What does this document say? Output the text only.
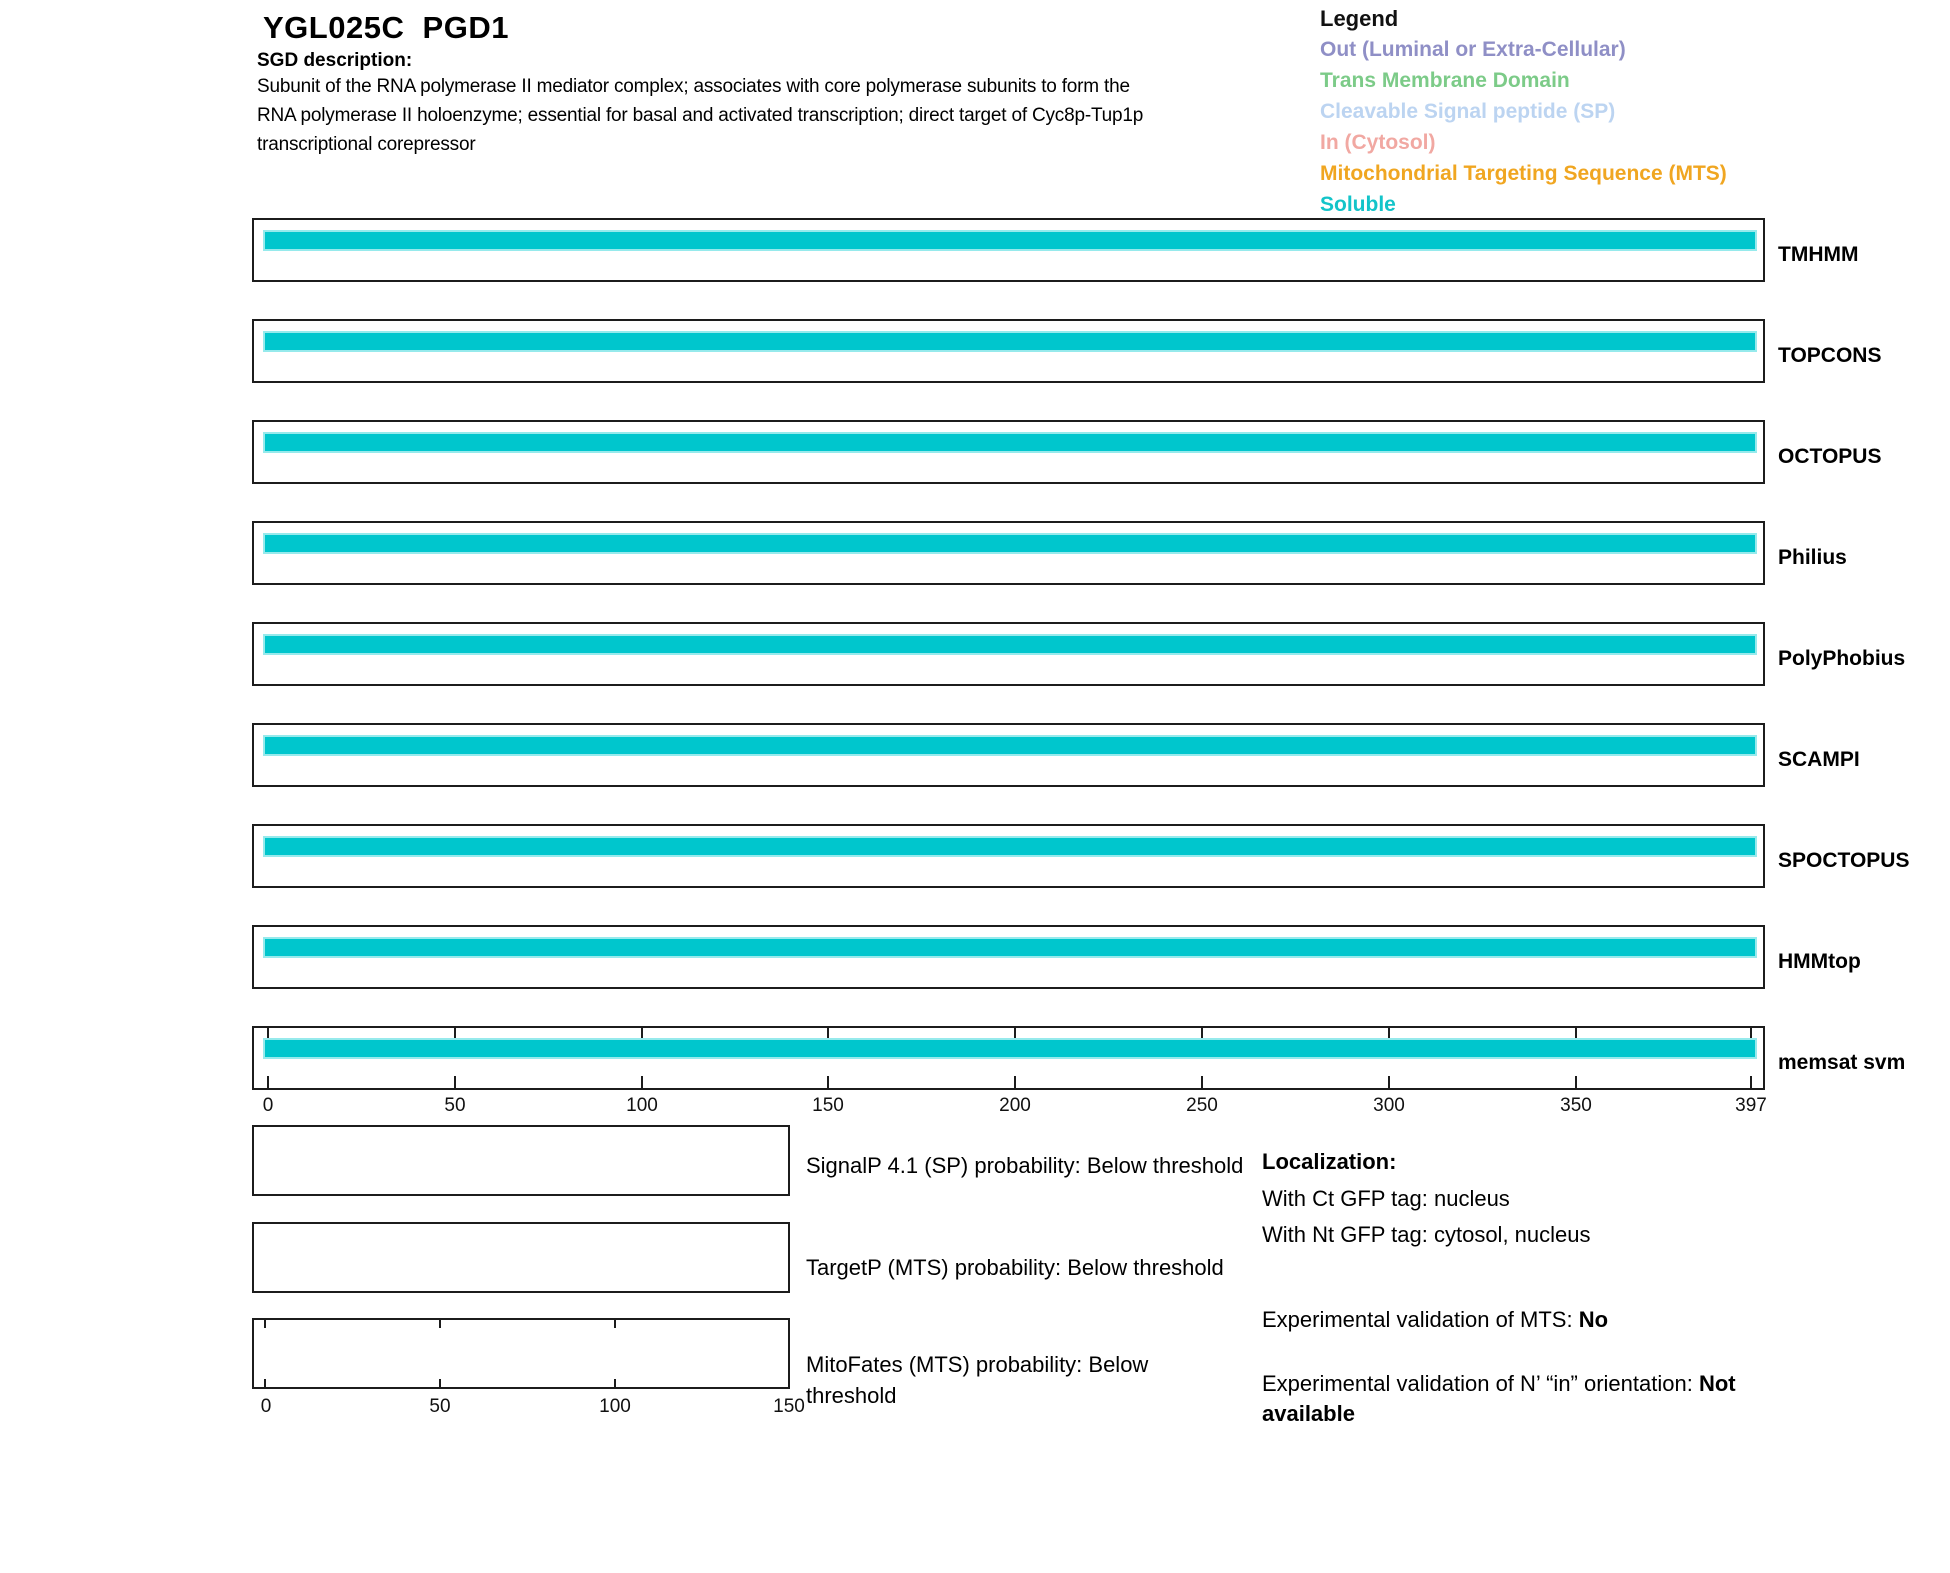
YGL025C  PGD1
SGD description:
Subunit of the RNA polymerase II mediator complex; associates with core polymerase subunits to form the
RNA polymerase II holoenzyme; essential for basal and activated transcription; direct target of Cyc8p-Tup1p
transcriptional corepressor
Legend
Out (Luminal or Extra-Cellular)
Trans Membrane Domain
Cleavable Signal peptide (SP)
In (Cytosol)
Mitochondrial Targeting Sequence (MTS)
Soluble
TMHMM
TOPCONS
OCTOPUS
Philius
PolyPhobius
SCAMPI
SPOCTOPUS
HMMtop
memsat svm
0	50	100	150	200	250	300	350	397
SignalP 4.1 (SP) probability: Below threshold
TargetP (MTS) probability: Below threshold
MitoFates (MTS) probability: Below
threshold
0	50	100	150
Localization:
With Ct GFP tag: nucleus
With Nt GFP tag: cytosol, nucleus
Experimental validation of MTS: No
Experimental validation of N’ “in” orientation: Not
available
